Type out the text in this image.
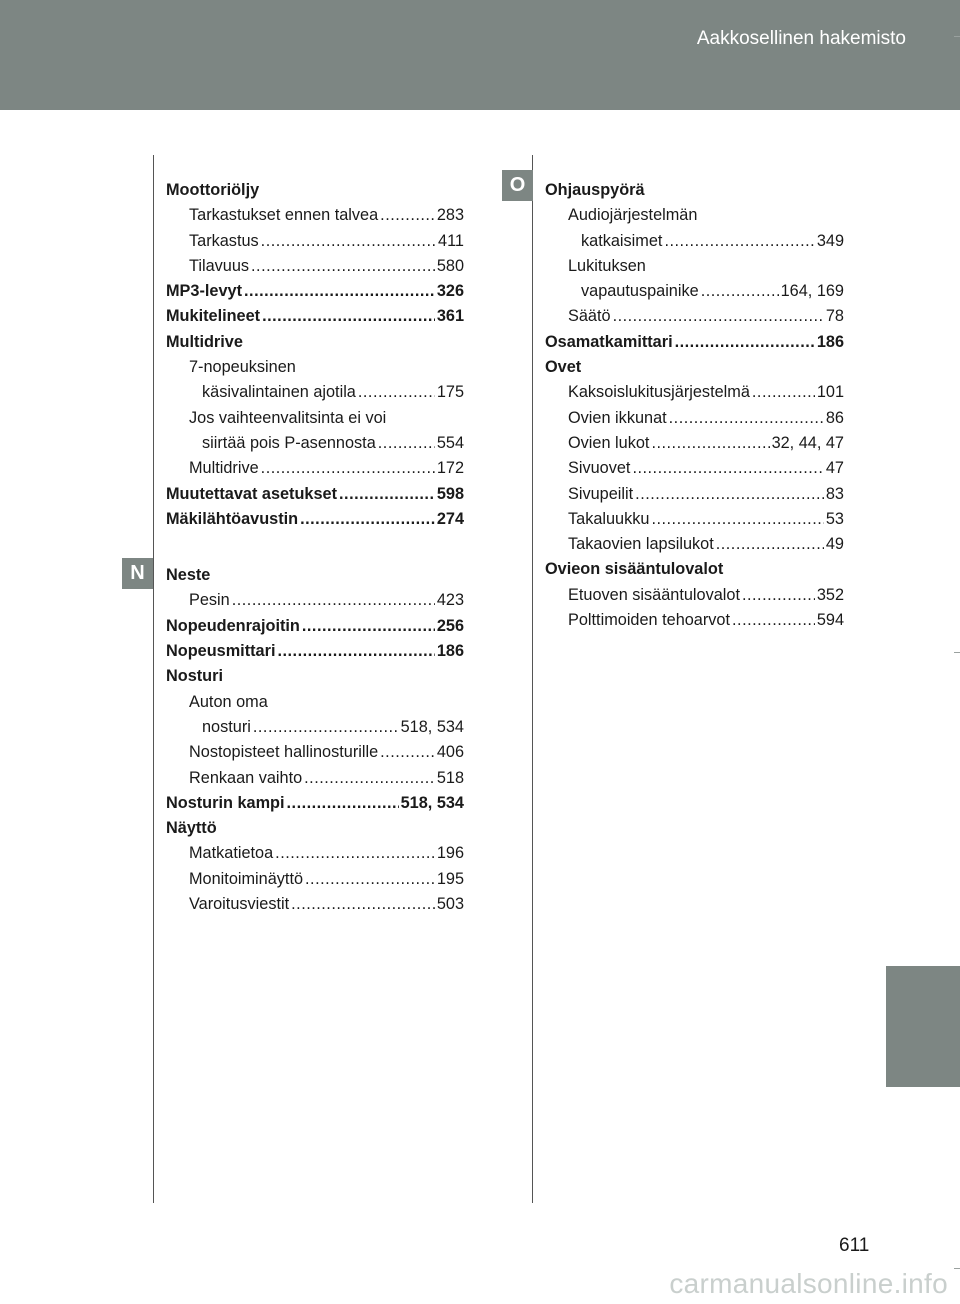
Aakkosellinen hakemisto
N
O
Moottoriöljy
Tarkastukset ennen talvea .....	283
Tarkastus .....	411
Tilavuus .....	580
MP3-levyt .....	326
Mukitelineet .....	361
Multidrive
7-nopeuksinen
käsivalintainen ajotila .....	175
Jos vaihteenvalitsinta ei voi
siirtää pois P-asennosta .....	554
Multidrive .....	172
Muutettavat asetukset .....	598
Mäkilähtöavustin .....	274
Neste
Pesin .....	423
Nopeudenrajoitin .....	256
Nopeusmittari .....	186
Nosturi
Auton oma
nosturi .....	518, 534
Nostopisteet hallinosturille .....	406
Renkaan vaihto .....	518
Nosturin kampi .....	518, 534
Näyttö
Matkatietoa .....	196
Monitoiminäyttö .....	195
Varoitusviestit .....	503
Ohjauspyörä
Audiojärjestelmän
katkaisimet .....	349
Lukituksen
vapautuspainike .....	164, 169
Säätö .....	78
Osamatkamittari .....	186
Ovet
Kaksoislukitusjärjestelmä .....	101
Ovien ikkunat .....	86
Ovien lukot .....	32, 44, 47
Sivuovet .....	47
Sivupeilit .....	83
Takaluukku .....	53
Takaovien lapsilukot .....	49
Ovieon sisääntulovalot
Etuoven sisääntulovalot .....	352
Polttimoiden tehoarvot .....	594
611
carmanualsonline.info
